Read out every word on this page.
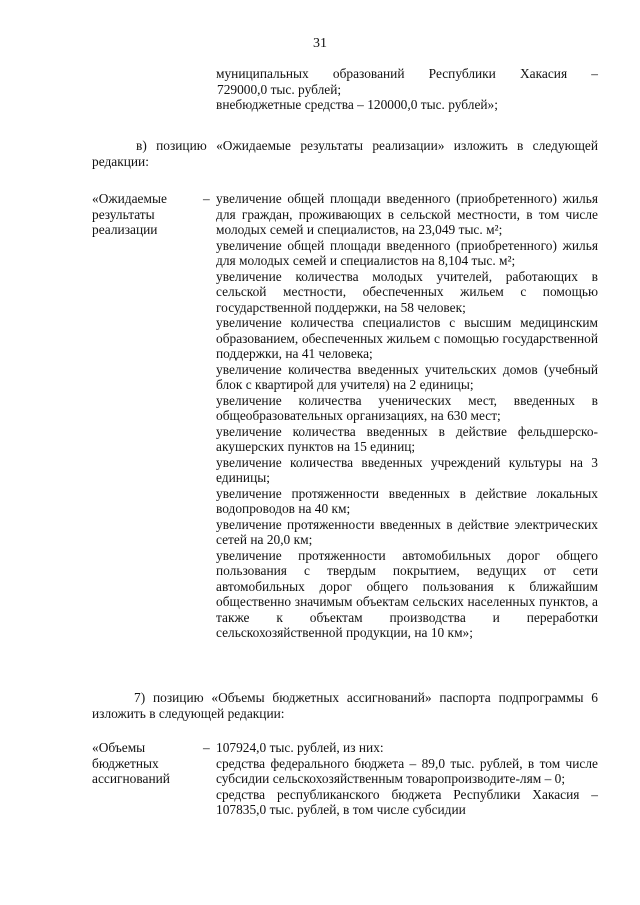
31
муниципальных образований Республики Хакасия –
729000,0 тыс. рублей;
внебюджетные средства – 120000,0 тыс. рублей»;
в) позицию «Ожидаемые результаты реализации» изложить в следующей редакции:
«Ожидаемые
результаты
реализации
– увеличение общей площади введенного (приобретенного) жилья для граждан, проживающих в сельской местности, в том числе молодых семей и специалистов, на 23,049 тыс. м²;

увеличение общей площади введенного (приобретенного) жилья для молодых семей и специалистов на 8,104 тыс. м²;

увеличение количества молодых учителей, работающих в сельской местности, обеспеченных жильем с помощью государственной поддержки, на 58 человек;

увеличение количества специалистов с высшим медицинским образованием, обеспеченных жильем с помощью государственной поддержки, на 41 человека;

увеличение количества введенных учительских домов (учебный блок с квартирой для учителя) на 2 единицы;

увеличение количества ученических мест, введенных в общеобразовательных организациях, на 630 мест;

увеличение количества введенных в действие фельдшерско-акушерских пунктов на 15 единиц;

увеличение количества введенных учреждений культуры на 3 единицы;

увеличение протяженности введенных в действие локальных водопроводов на 40 км;

увеличение протяженности введенных в действие электрических сетей на 20,0 км;

увеличение протяженности автомобильных дорог общего пользования с твердым покрытием, ведущих от сети автомобильных дорог общего пользования к ближайшим общественно значимым объектам сельских населенных пунктов, а также к объектам производства и переработки сельскохозяйственной продукции, на 10 км»;

7) позицию «Объемы бюджетных ассигнований» паспорта подпрограммы 6 изложить в следующей редакции:
«Объемы
бюджетных
ассигнований
– 107924,0 тыс. рублей, из них:

средства федерального бюджета – 89,0 тыс. рублей, в том числе субсидии сельскохозяйственным товаропроизводите-лям – 0;

средства республиканского бюджета Республики Хакасия – 107835,0 тыс. рублей, в том числе субсидии
